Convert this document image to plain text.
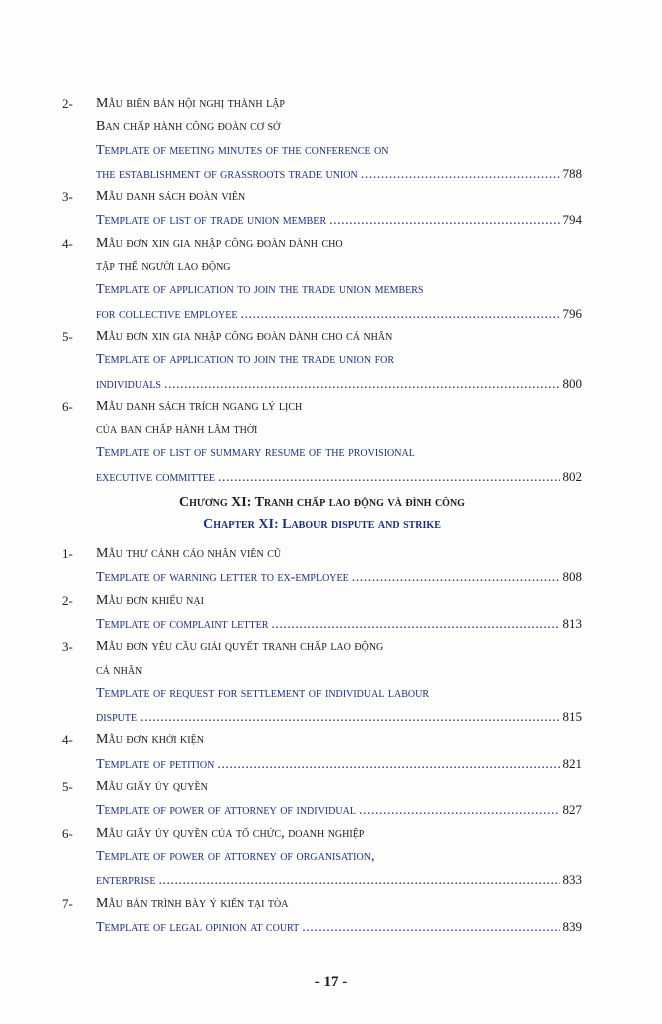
2- Mẫu biên bản hội nghị thành lập
Ban chấp hành công đoàn cơ sở
Template of meeting minutes of the conference on
the establishment of grassroots trade union .....	788
3- Mẫu danh sách đoàn viên
Template of list of trade union member .....	794
4- Mẫu đơn xin gia nhập công đoàn dành cho
tập thể người lao động
Template of application to join the trade union members
for collective employee .....	796
5- Mẫu đơn xin gia nhập công đoàn dành cho cá nhân
Template of application to join the trade union for
individuals .....	800
6- Mẫu danh sách trích ngang lý lịch
của ban chấp hành lâm thời
Template of list of summary resume of the provisional
executive committee .....	802
Chương XI: Tranh chấp lao động và đình công
Chapter XI: Labour dispute and strike
1- Mẫu thư cảnh cáo nhân viên cũ
Template of warning letter to ex-employee .....	808
2- Mẫu đơn khiếu nại
Template of complaint letter .....	813
3- Mẫu đơn yêu cầu giải quyết tranh chấp lao động
cá nhân
Template of request for settlement of individual labour
dispute .....	815
4- Mẫu đơn khởi kiện
Template of petition .....	821
5- Mẫu giấy ủy quyền
Template of power of attorney of individual .....	827
6- Mẫu giấy ủy quyền của tổ chức, doanh nghiệp
Template of power of attorney of organisation,
enterprise .....	833
7- Mẫu bản trình bày ý kiến tại tòa
Template of legal opinion at court .....	839
- 17 -
